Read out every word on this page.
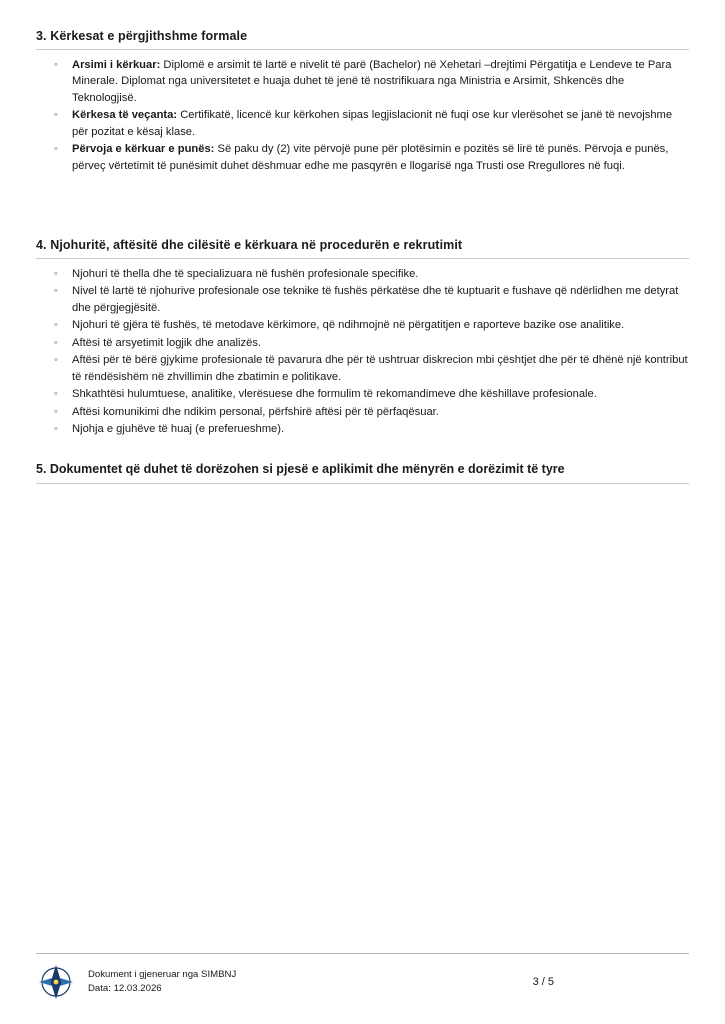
3. Kërkesat e përgjithshme formale
◦ Arsimi i kërkuar: Diplomë e arsimit të lartë e nivelit të parë (Bachelor) në Xehetari –drejtimi Përgatitja e Lendeve te Para Minerale. Diplomat nga universitetet e huaja duhet të jenë të nostrifikuara nga Ministria e Arsimit, Shkencës dhe Teknologjisë.
◦ Kërkesa të veçanta: Certifikatë, licencë kur kërkohen sipas legjislacionit në fuqi ose kur vlerësohet se janë të nevojshme për pozitat e kësaj klase.
◦ Përvoja e kërkuar e punës: Së paku dy (2) vite përvojë pune për plotësimin e pozitës së lirë të punës. Përvoja e punës, përveç vërtetimit të punësimit duhet dëshmuar edhe me pasqyrën e llogarisë nga Trusti ose Rregullores në fuqi.
4. Njohuritë, aftësitë dhe cilësitë e kërkuara në procedurën e rekrutimit
◦ Njohuri të thella dhe të specializuara në fushën profesionale specifike.
◦ Nivel të lartë të njohurive profesionale ose teknike të fushës përkatëse dhe të kuptuarit e fushave që ndërlidhen me detyrat dhe përgjegjësitë.
◦ Njohuri të gjëra të fushës, të metodave kërkimore, që ndihmojnë në përgatitjen e raporteve bazike ose analitike.
◦ Aftësi të arsyetimit logjik dhe analizës.
◦ Aftësi për të bërë gjykime profesionale të pavarura dhe për të ushtruar diskrecion mbi çështjet dhe për të dhënë një kontribut të rëndësishëm në zhvillimin dhe zbatimin e politikave.
◦ Shkathtësi hulumtuese, analitike, vlerësuese dhe formulim të rekomandimeve dhe këshillave profesionale.
◦ Aftësi komunikimi dhe ndikim personal, përfshirë aftësi për të përfaqësuar.
◦ Njohja e gjuhëve të huaj (e preferueshme).
5. Dokumentet që duhet të dorëzohen si pjesë e aplikimit dhe mënyrën e dorëzimit të tyre
Dokument i gjeneruar nga SIMBNJ
Data: 12.03.2026
3 / 5
